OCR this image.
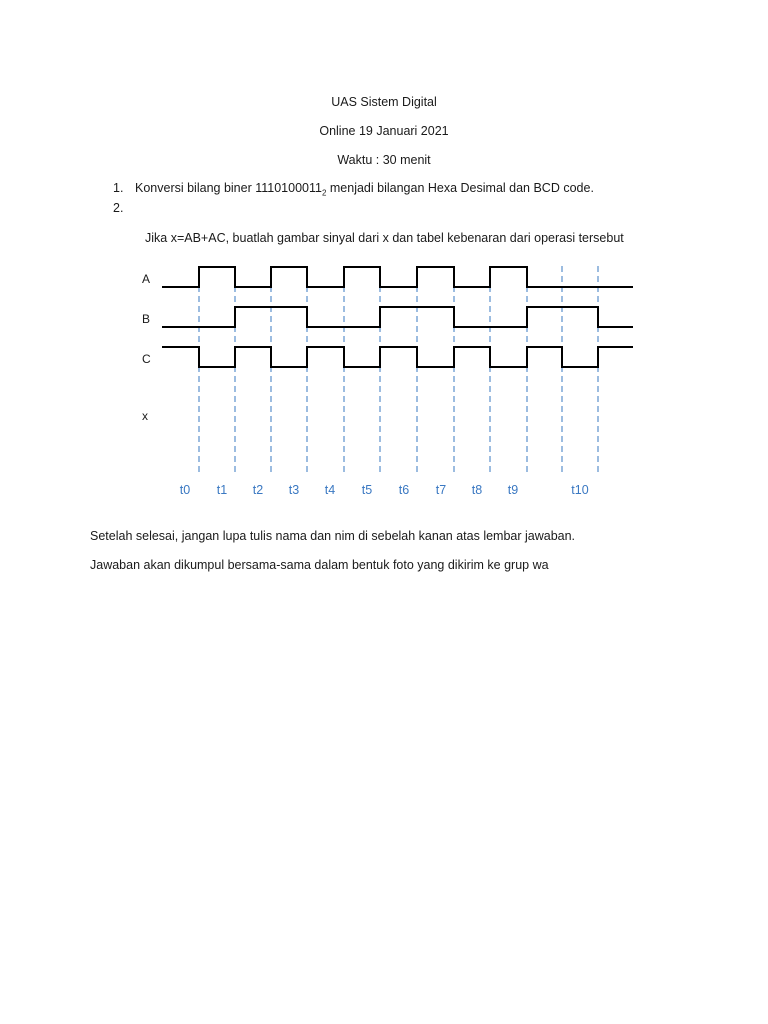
UAS Sistem Digital
Online 19 Januari 2021
Waktu : 30 menit
1. Konversi bilang biner $1110100011_2$ menjadi bilangan Hexa Desimal dan BCD code.
2.
Jika x=AB+AC, buatlah gambar sinyal dari x dan tabel kebenaran dari operasi tersebut
A
B
C
x
t0 t1 t2 t3 t4 t5 t6 t7 t8 t9	t10
Setelah selesai, jangan lupa tulis nama dan nim di sebelah kanan atas lembar jawaban.
Jawaban akan dikumpul bersama-sama dalam bentuk foto yang dikirim ke grup wa
